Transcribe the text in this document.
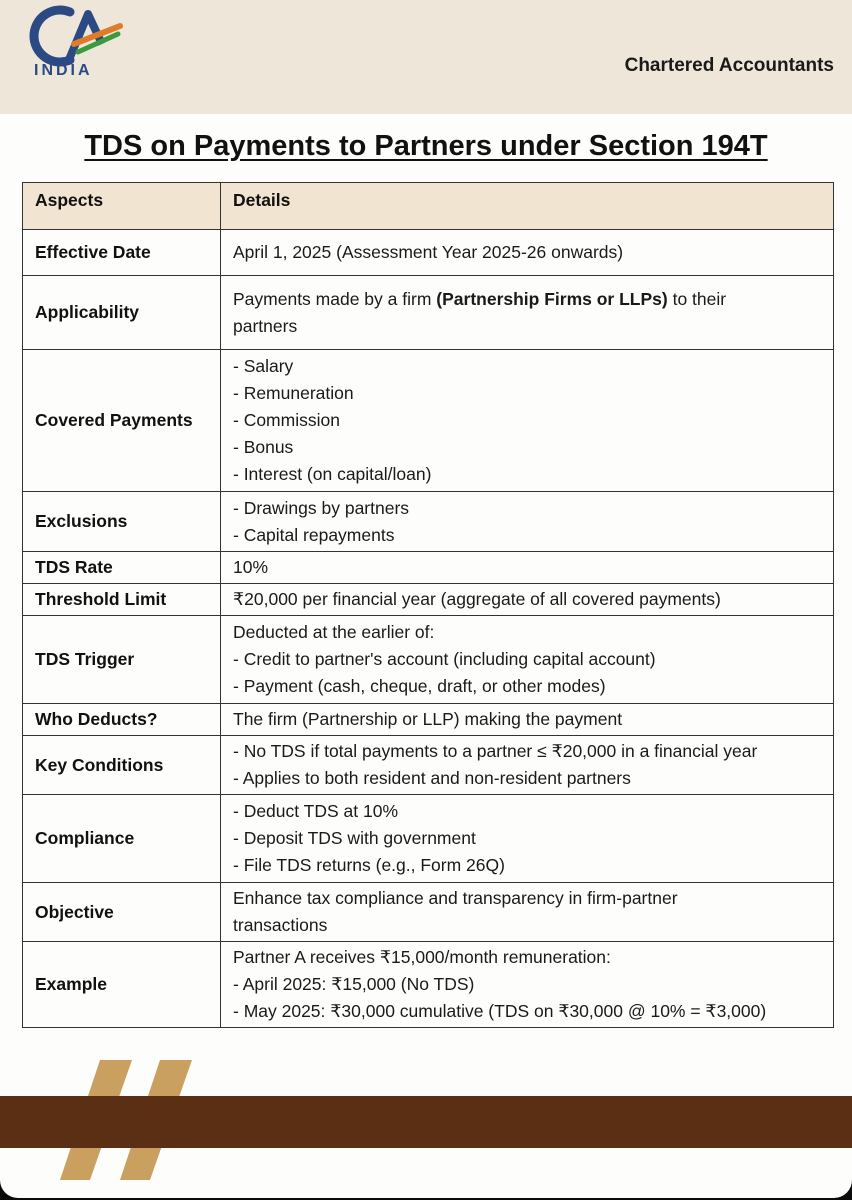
INDIA	Chartered Accountants
TDS on Payments to Partners under Section 194T
Aspects	Details
Effective Date	April 1, 2025 (Assessment Year 2025-26 onwards)

Applicability	Payments made by a firm (Partnership Firms or LLPs) to their
partners

Covered Payments	- Salary
- Remuneration
- Commission
- Bonus
- Interest (on capital/loan)

Exclusions	- Drawings by partners
- Capital repayments

TDS Rate	10%

Threshold Limit	₹20,000 per financial year (aggregate of all covered payments)

TDS Trigger	Deducted at the earlier of:
- Credit to partner's account (including capital account)
- Payment (cash, cheque, draft, or other modes)

Who Deducts?	The firm (Partnership or LLP) making the payment

Key Conditions	- No TDS if total payments to a partner ≤ ₹20,000 in a financial year
- Applies to both resident and non-resident partners

Compliance	- Deduct TDS at 10%
- Deposit TDS with government
- File TDS returns (e.g., Form 26Q)

Objective	Enhance tax compliance and transparency in firm-partner
transactions

Example	Partner A receives ₹15,000/month remuneration:
- April 2025: ₹15,000 (No TDS)
- May 2025: ₹30,000 cumulative (TDS on ₹30,000 @ 10% = ₹3,000)
